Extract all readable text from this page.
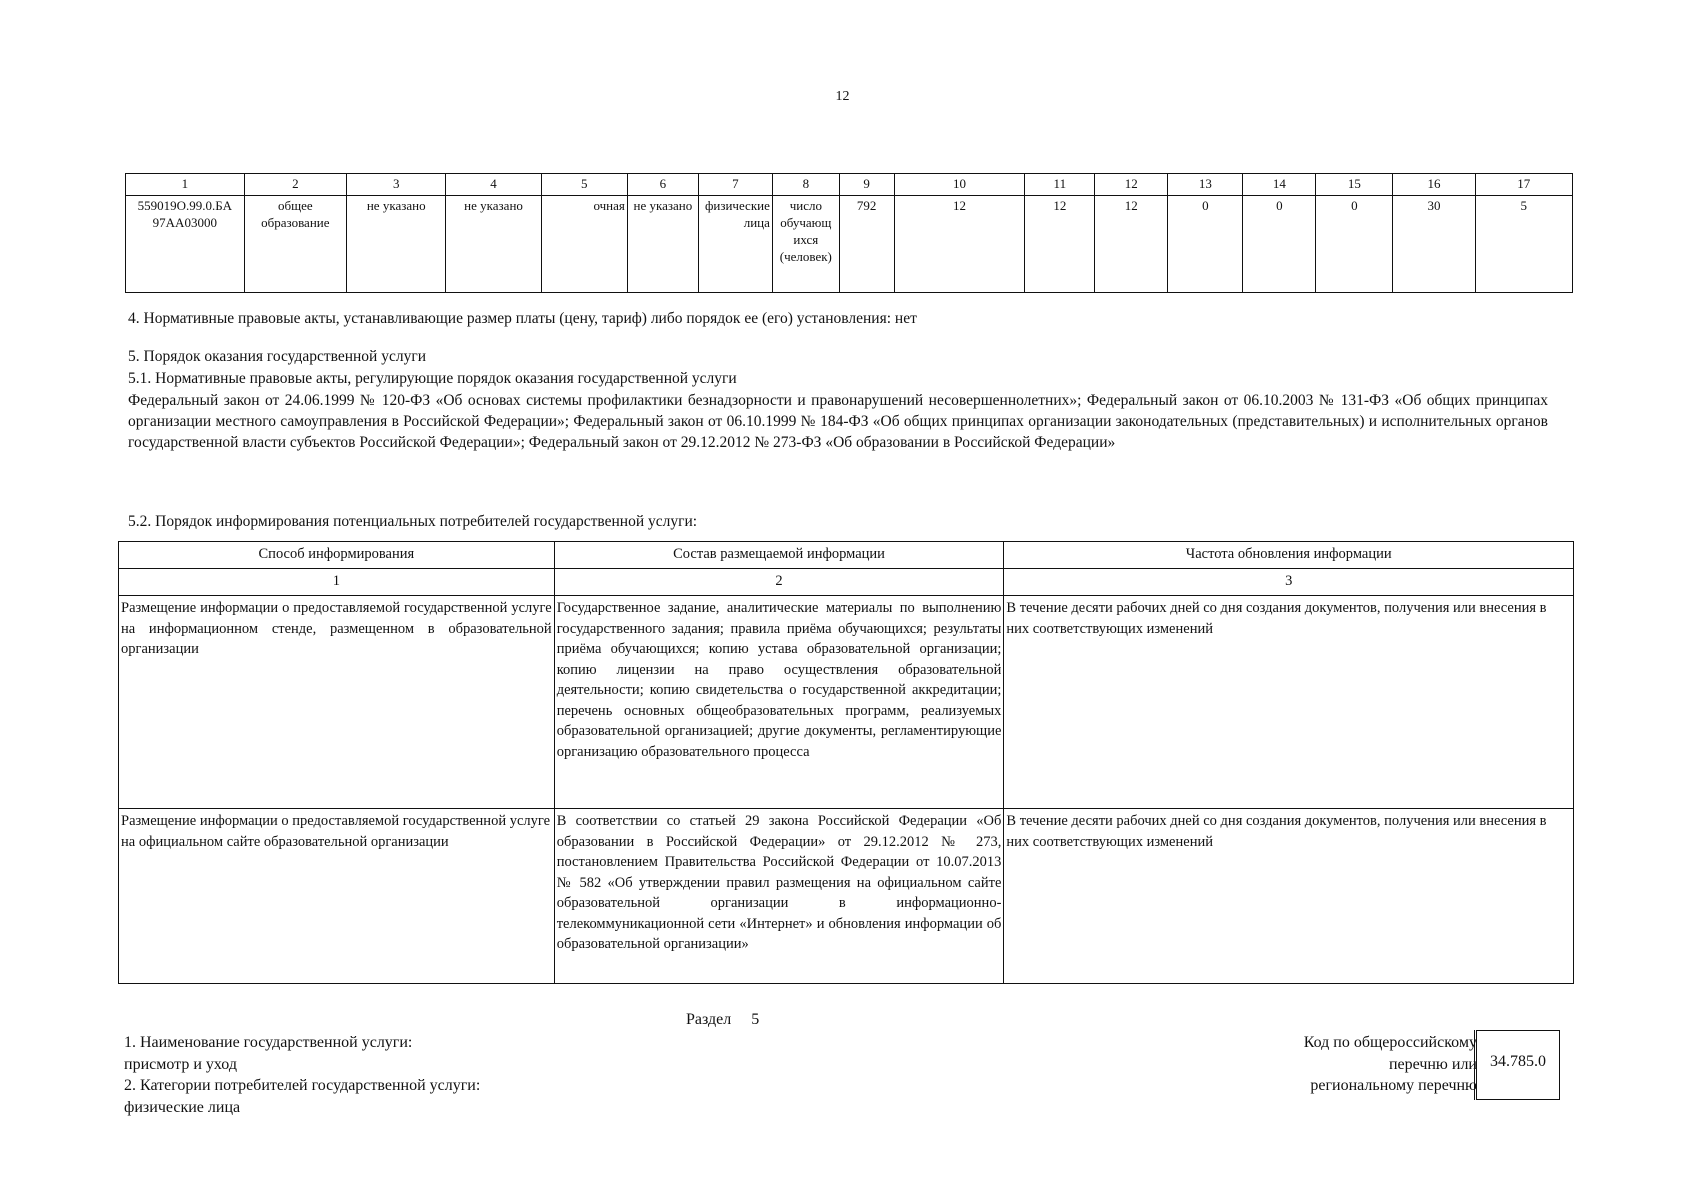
12
1	2	3	4	5	6	7	8	9	10	11	12	13	14	15	16	17
559019О.99.0.БА 97АА03000	общее образование	не указано	не указано	очная	не указано	физические лица	число обучающ ихся (человек)	792	12	12	12	0	0	0	30	5
4. Нормативные правовые акты, устанавливающие размер платы (цену, тариф) либо порядок ее (его) установления: нет
5. Порядок оказания государственной услуги
5.1. Нормативные правовые акты, регулирующие порядок оказания государственной услуги
Федеральный закон от 24.06.1999 № 120-ФЗ «Об основах системы профилактики безнадзорности и правонарушений несовершеннолетних»; Федеральный закон от 06.10.2003 № 131-ФЗ «Об общих принципах организации местного самоуправления в Российской Федерации»; Федеральный закон от 06.10.1999 № 184-ФЗ «Об общих принципах организации законодательных (представительных) и исполнительных органов государственной власти субъектов Российской Федерации»; Федеральный закон от 29.12.2012 № 273-ФЗ «Об образовании в Российской Федерации»
5.2. Порядок информирования потенциальных потребителей государственной услуги:
Способ информирования	Состав размещаемой информации	Частота обновления информации
1	2	3
Размещение информации о предоставляемой государственной услуге на информационном стенде, размещенном в образовательной организации	Государственное задание, аналитические материалы по выполнению государственного задания; правила приёма обучающихся; результаты приёма обучающихся; копию устава образовательной организации; копию лицензии на право осуществления образовательной деятельности; копию свидетельства о государственной аккредитации; перечень основных общеобразовательных программ, реализуемых образовательной организацией; другие документы, регламентирующие организацию образовательного процесса	В течение десяти рабочих дней со дня создания документов, получения или внесения в них соответствующих изменений
Размещение информации о предоставляемой государственной услуге на официальном сайте образовательной организации	В соответствии со статьей 29 закона Российской Федерации «Об образовании в Российской Федерации» от 29.12.2012 № 273, постановлением Правительства Российской Федерации от 10.07.2013 № 582 «Об утверждении правил размещения на официальном сайте образовательной организации в информационно-телекоммуникационной сети «Интернет» и обновления информации об образовательной организации»	В течение десяти рабочих дней со дня создания документов, получения или внесения в них соответствующих изменений
Раздел 5
1. Наименование государственной услуги:
присмотр и уход
2. Категории потребителей государственной услуги:
физические лица
Код по общероссийскому
перечню или
региональному перечню
34.785.0
